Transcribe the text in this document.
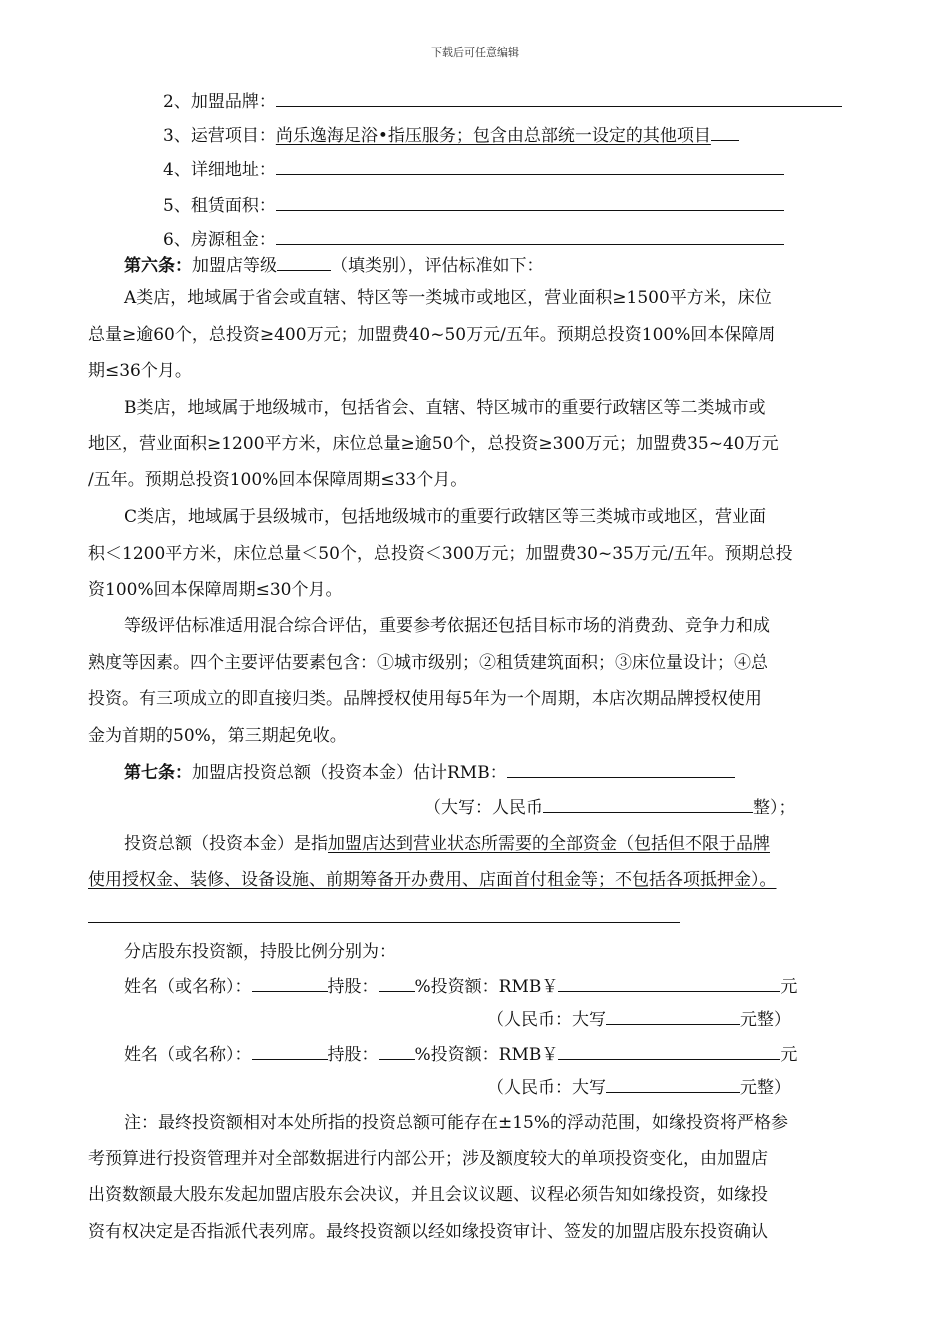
下载后可任意编辑
2、加盟品牌：
3、运营项目：尚乐逸海足浴•指压服务；包含由总部统一设定的其他项目
4、详细地址：
5、租赁面积：
6、房源租金：
第六条：加盟店等级	（填类别），评估标准如下：
A类店，地域属于省会或直辖、特区等一类城市或地区，营业面积≥1500平方米，床位
总量≥逾60个，总投资≥400万元；加盟费40~50万元/五年。预期总投资100%回本保障周
期≤36个月。
B类店，地域属于地级城市，包括省会、直辖、特区城市的重要行政辖区等二类城市或
地区，营业面积≥1200平方米，床位总量≥逾50个，总投资≥300万元；加盟费35~40万元
/五年。预期总投资100%回本保障周期≤33个月。
C类店，地域属于县级城市，包括地级城市的重要行政辖区等三类城市或地区，营业面
积＜1200平方米，床位总量＜50个，总投资＜300万元；加盟费30~35万元/五年。预期总投
资100%回本保障周期≤30个月。
等级评估标准适用混合综合评估，重要参考依据还包括目标市场的消费劲、竞争力和成
熟度等因素。四个主要评估要素包含：①城市级别；②租赁建筑面积；③床位量设计；④总
投资。有三项成立的即直接归类。品牌授权使用每5年为一个周期，本店次期品牌授权使用
金为首期的50%，第三期起免收。
第七条：加盟店投资总额（投资本金）估计RMB：
（大写：人民币	整）；
投资总额（投资本金）是指加盟店达到营业状态所需要的全部资金（包括但不限于品牌
使用授权金、装修、设备设施、前期筹备开办费用、店面首付租金等；不包括各项抵押金）。
分店股东投资额，持股比例分别为：
姓名（或名称）：	持股： %投资额：RMB￥	元
（人民币：大写	元整）
姓名（或名称）：	持股： %投资额：RMB￥	元
（人民币：大写	元整）
注：最终投资额相对本处所指的投资总额可能存在±15%的浮动范围，如缘投资将严格参
考预算进行投资管理并对全部数据进行内部公开；涉及额度较大的单项投资变化，由加盟店
出资数额最大股东发起加盟店股东会决议，并且会议议题、议程必须告知如缘投资，如缘投
资有权决定是否指派代表列席。最终投资额以经如缘投资审计、签发的加盟店股东投资确认
